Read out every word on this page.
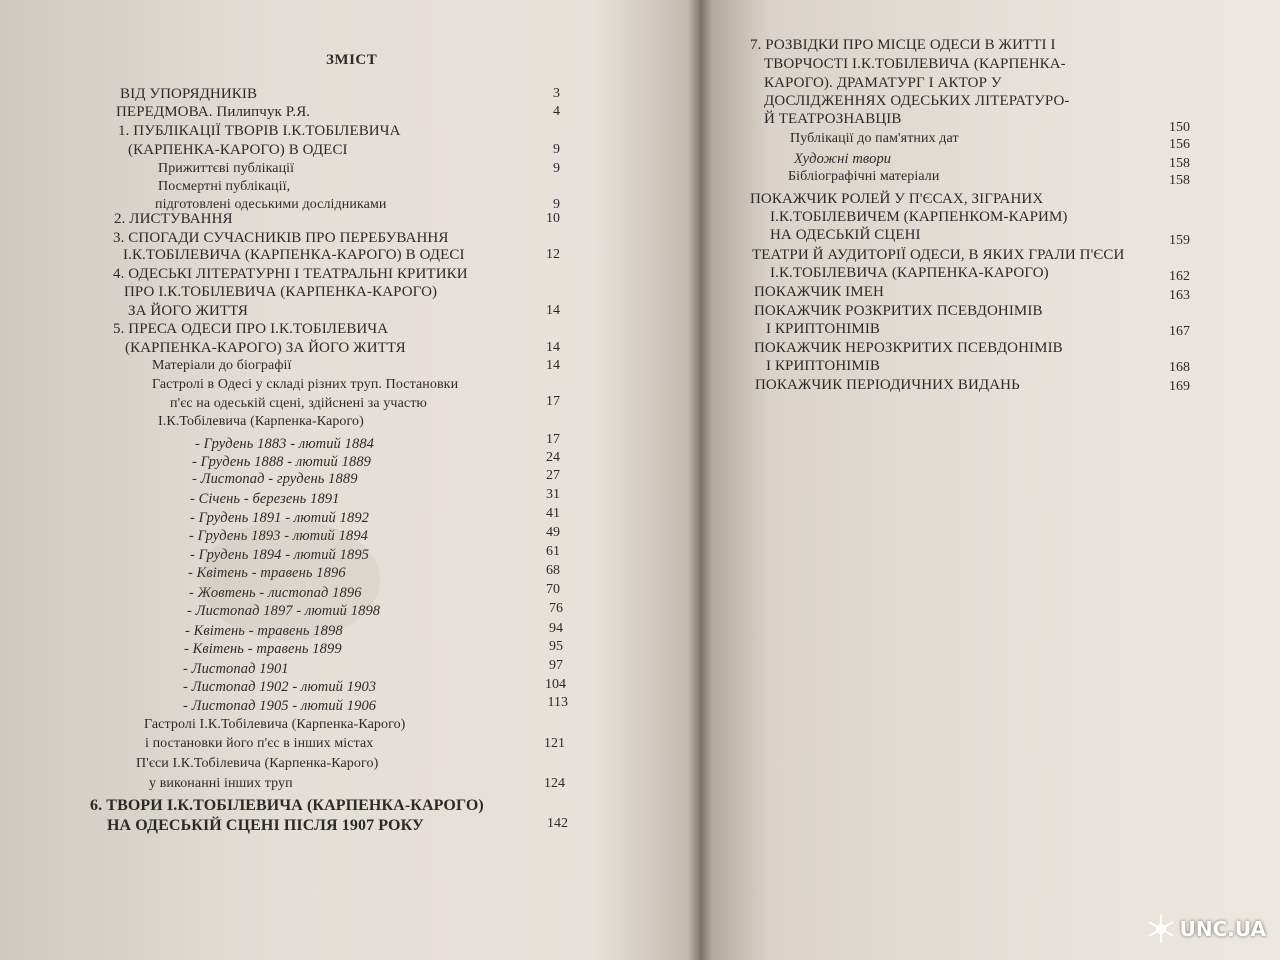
ЗМІСТ
ВІД УПОРЯДНИКІВ	3
ПЕРЕДМОВА. Пилипчук Р.Я.	4
1. ПУБЛІКАЦІЇ ТВОРІВ І.К.ТОБІЛЕВИЧА
(КАРПЕНКА-КАРОГО) В ОДЕСІ	9
Прижиттєві публікації	9
Посмертні публікації,
підготовлені одеськими дослідниками	9
2. ЛИСТУВАННЯ	10
3. СПОГАДИ СУЧАСНИКІВ ПРО ПЕРЕБУВАННЯ
І.К.ТОБІЛЕВИЧА (КАРПЕНКА-КАРОГО) В ОДЕСІ	12
4. ОДЕСЬКІ ЛІТЕРАТУРНІ І ТЕАТРАЛЬНІ КРИТИКИ
ПРО І.К.ТОБІЛЕВИЧА (КАРПЕНКА-КАРОГО)
ЗА ЙОГО ЖИТТЯ	14
5. ПРЕСА ОДЕСИ ПРО І.К.ТОБІЛЕВИЧА
(КАРПЕНКА-КАРОГО) ЗА ЙОГО ЖИТТЯ	14
Матеріали до біографії	14
Гастролі в Одесі у складі різних труп. Постановки
п'єс на одеській сцені, здійснені за участю	17
І.К.Тобілевича (Карпенка-Карого)
- Грудень 1883 - лютий 1884	17
- Грудень 1888 - лютий 1889	24
- Листопад - грудень 1889	27
- Січень - березень 1891	31
- Грудень 1891 - лютий 1892	41
- Грудень 1893 - лютий 1894	49
- Грудень 1894 - лютий 1895	61
- Квітень - травень 1896	68
- Жовтень - листопад 1896	70
- Листопад 1897 - лютий 1898	76
- Квітень - травень 1898	94
- Квітень - травень 1899	95
- Листопад 1901	97
- Листопад 1902 - лютий 1903	104
- Листопад 1905 - лютий 1906	113
Гастролі І.К.Тобілевича (Карпенка-Карого)
і постановки його п'єс в інших містах	121
П'єси І.К.Тобілевича (Карпенка-Карого)
у виконанні інших труп	124
6. ТВОРИ І.К.ТОБІЛЕВИЧА (КАРПЕНКА-КАРОГО)
НА ОДЕСЬКІЙ СЦЕНІ ПІСЛЯ 1907 РОКУ	142
7. РОЗВІДКИ ПРО МІСЦЕ ОДЕСИ В ЖИТТІ І
ТВОРЧОСТІ І.К.ТОБІЛЕВИЧА (КАРПЕНКА-
КАРОГО). ДРАМАТУРГ І АКТОР У
ДОСЛІДЖЕННЯХ ОДЕСЬКИХ ЛІТЕРАТУРО-
Й ТЕАТРОЗНАВЦІВ
150
Публікації до пам'ятних дат	156
Художні твори	158
Бібліографічні матеріали	158
ПОКАЖЧИК РОЛЕЙ У П'ЄСАХ, ЗІГРАНИХ
І.К.ТОБІЛЕВИЧЕМ (КАРПЕНКОМ-КАРИМ)
НА ОДЕСЬКІЙ СЦЕНІ	159
ТЕАТРИ Й АУДИТОРІЇ ОДЕСИ, В ЯКИХ ГРАЛИ П'ЄСИ
І.К.ТОБІЛЕВИЧА (КАРПЕНКА-КАРОГО)	162
ПОКАЖЧИК ІМЕН	163
ПОКАЖЧИК РОЗКРИТИХ ПСЕВДОНІМІВ
І КРИПТОНІМІВ	167
ПОКАЖЧИК НЕРОЗКРИТИХ ПСЕВДОНІМІВ
І КРИПТОНІМІВ	168
ПОКАЖЧИК ПЕРІОДИЧНИХ ВИДАНЬ	169
UNC.UA
